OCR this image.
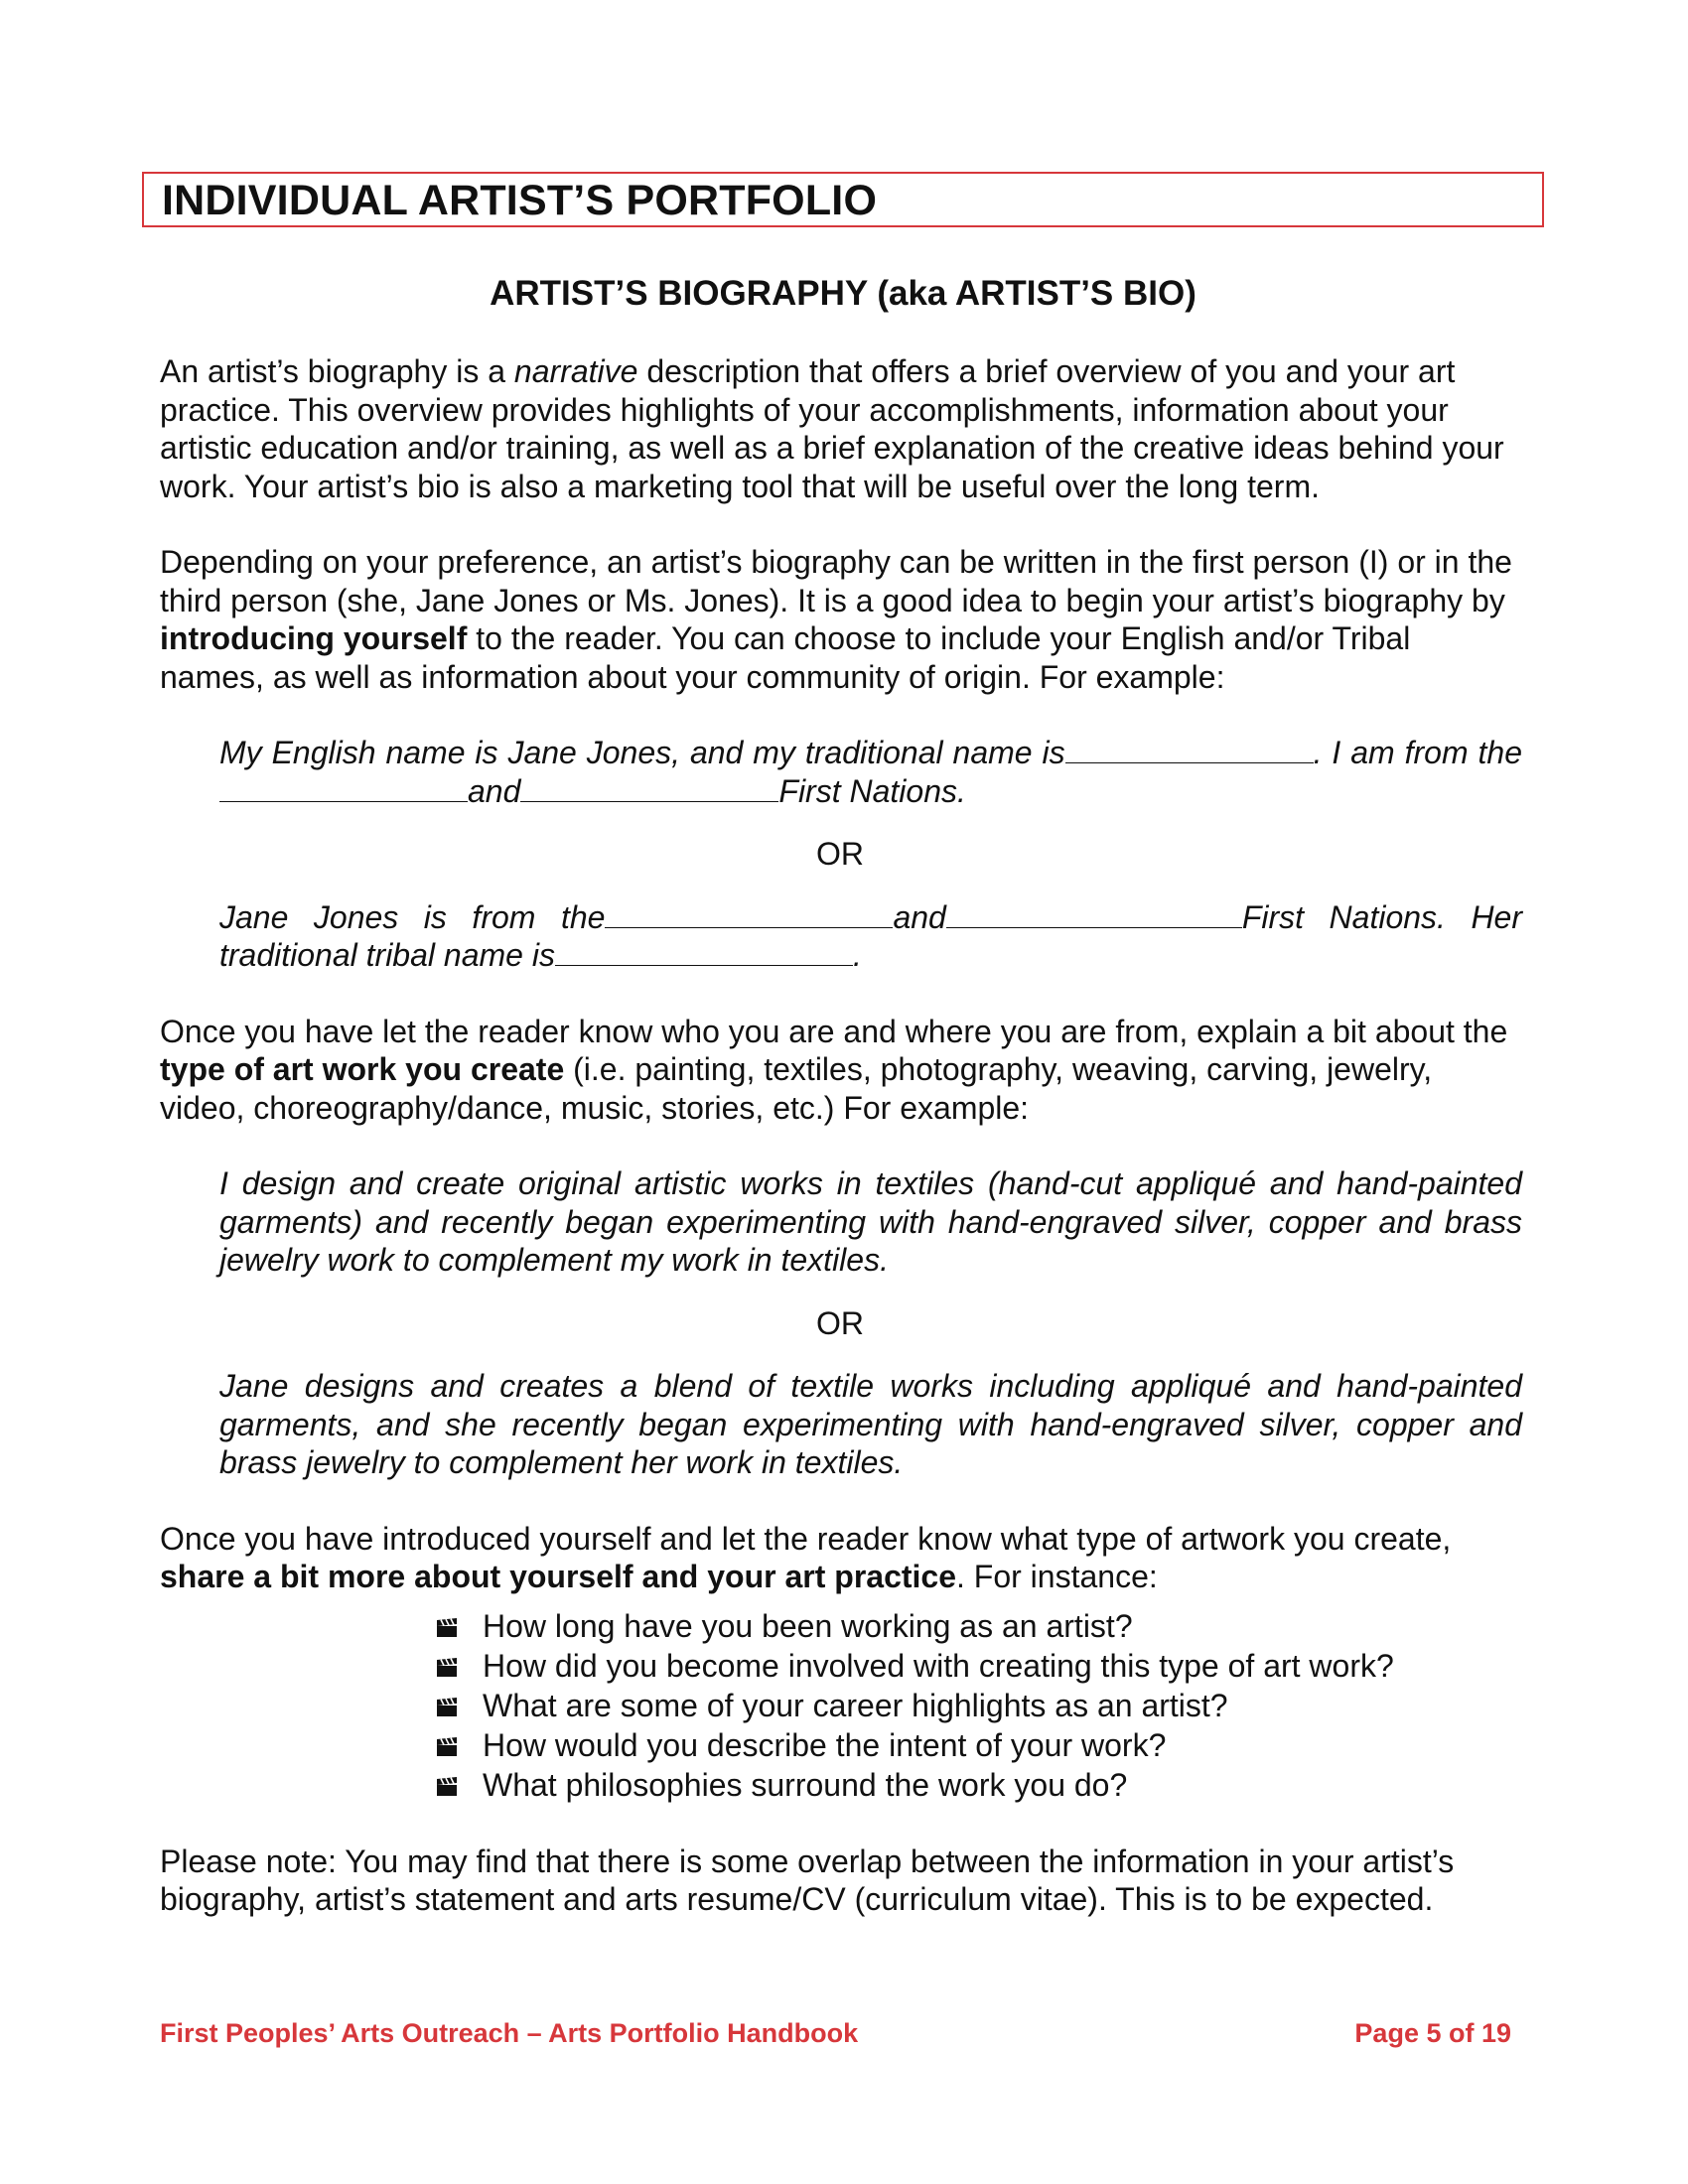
INDIVIDUAL ARTIST’S PORTFOLIO
ARTIST’S BIOGRAPHY (aka ARTIST’S BIO)

An artist’s biography is a narrative description that offers a brief overview of you and your art practice. This overview provides highlights of your accomplishments, information about your artistic education and/or training, as well as a brief explanation of the creative ideas behind your work. Your artist’s bio is also a marketing tool that will be useful over the long term.

Depending on your preference, an artist’s biography can be written in the first person (I) or in the third person (she, Jane Jones or Ms. Jones). It is a good idea to begin your artist’s biography by introducing yourself to the reader. You can choose to include your English and/or Tribal names, as well as information about your community of origin. For example:

My English name is Jane Jones, and my traditional name is	. I am from theand	First Nations.
OR
Jane Jones is from the	and	First Nations. Her traditional tribal name is	.

Once you have let the reader know who you are and where you are from, explain a bit about the type of art work you create (i.e. painting, textiles, photography, weaving, carving, jewelry, video, choreography/dance, music, stories, etc.) For example:

I design and create original artistic works in textiles (hand-cut appliqué and hand-painted garments) and recently began experimenting with hand-engraved silver, copper and brass jewelry work to complement my work in textiles.
OR
Jane designs and creates a blend of textile works including appliqué and hand-painted garments, and she recently began experimenting with hand-engraved silver, copper and brass jewelry to complement her work in textiles.

Once you have introduced yourself and let the reader know what type of artwork you create, share a bit more about yourself and your art practice. For instance:

How long have you been working as an artist?
How did you become involved with creating this type of art work?
What are some of your career highlights as an artist?
How would you describe the intent of your work?
What philosophies surround the work you do?

Please note: You may find that there is some overlap between the information in your artist’s biography, artist’s statement and arts resume/CV (curriculum vitae). This is to be expected.

First Peoples’ Arts Outreach – Arts Portfolio Handbook	Page 5 of 19
